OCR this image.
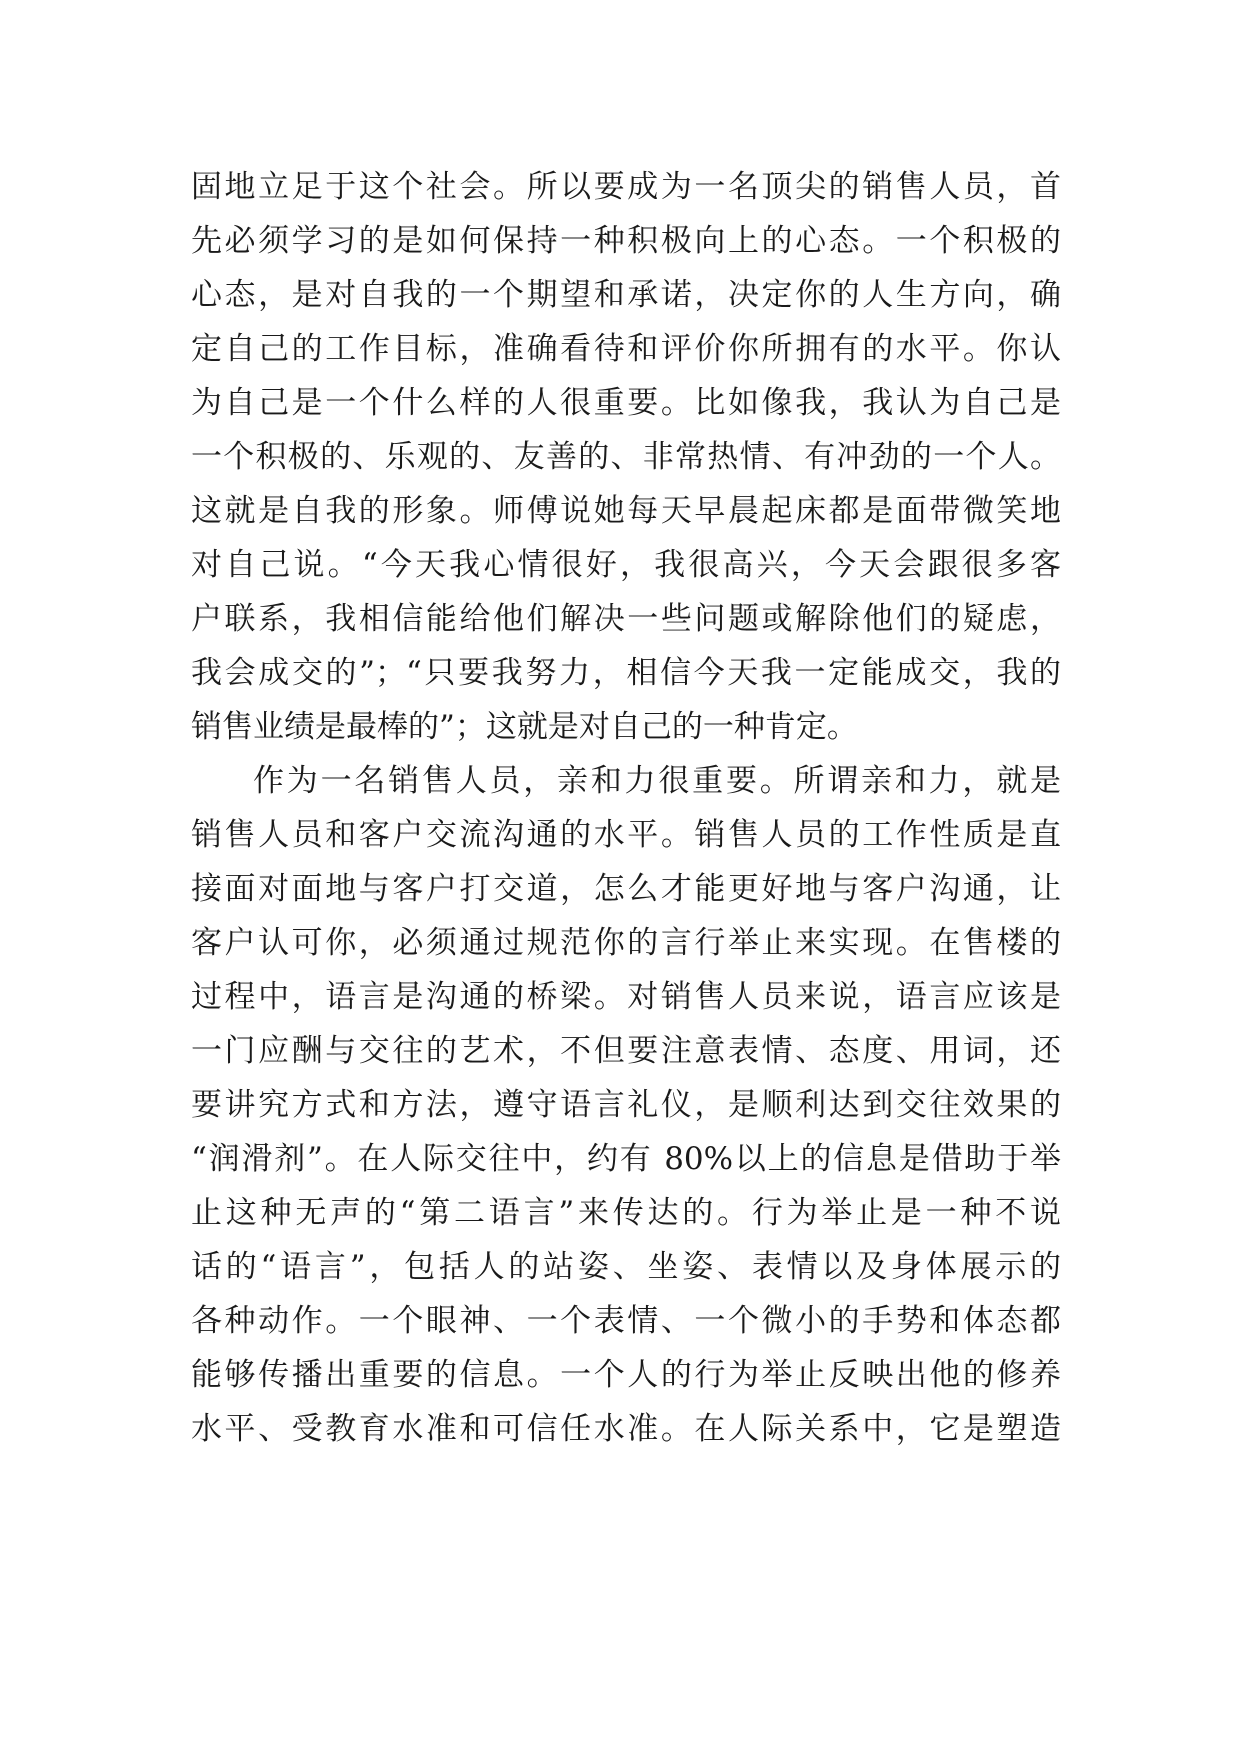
固地立足于这个社会。所以要成为一名顶尖的销售人员，首
先必须学习的是如何保持一种积极向上的心态。一个积极的
心态，是对自我的一个期望和承诺，决定你的人生方向，确
定自己的工作目标，准确看待和评价你所拥有的水平。你认
为自己是一个什么样的人很重要。比如像我，我认为自己是
一个积极的、乐观的、友善的、非常热情、有冲劲的一个人。
这就是自我的形象。师傅说她每天早晨起床都是面带微笑地
对自己说。“今天我心情很好，我很高兴，今天会跟很多客
户联系，我相信能给他们解决一些问题或解除他们的疑虑，
我会成交的”；“只要我努力，相信今天我一定能成交，我的
销售业绩是最棒的”；这就是对自己的一种肯定。
作为一名销售人员，亲和力很重要。所谓亲和力，就是
销售人员和客户交流沟通的水平。销售人员的工作性质是直
接面对面地与客户打交道，怎么才能更好地与客户沟通，让
客户认可你，必须通过规范你的言行举止来实现。在售楼的
过程中，语言是沟通的桥梁。对销售人员来说，语言应该是
一门应酬与交往的艺术，不但要注意表情、态度、用词，还
要讲究方式和方法，遵守语言礼仪，是顺利达到交往效果的
“润滑剂”。在人际交往中，约有 80%以上的信息是借助于举
止这种无声的“第二语言”来传达的。行为举止是一种不说
话的“语言”，包括人的站姿、坐姿、表情以及身体展示的
各种动作。一个眼神、一个表情、一个微小的手势和体态都
能够传播出重要的信息。一个人的行为举止反映出他的修养
水平、受教育水准和可信任水准。在人际关系中，它是塑造
